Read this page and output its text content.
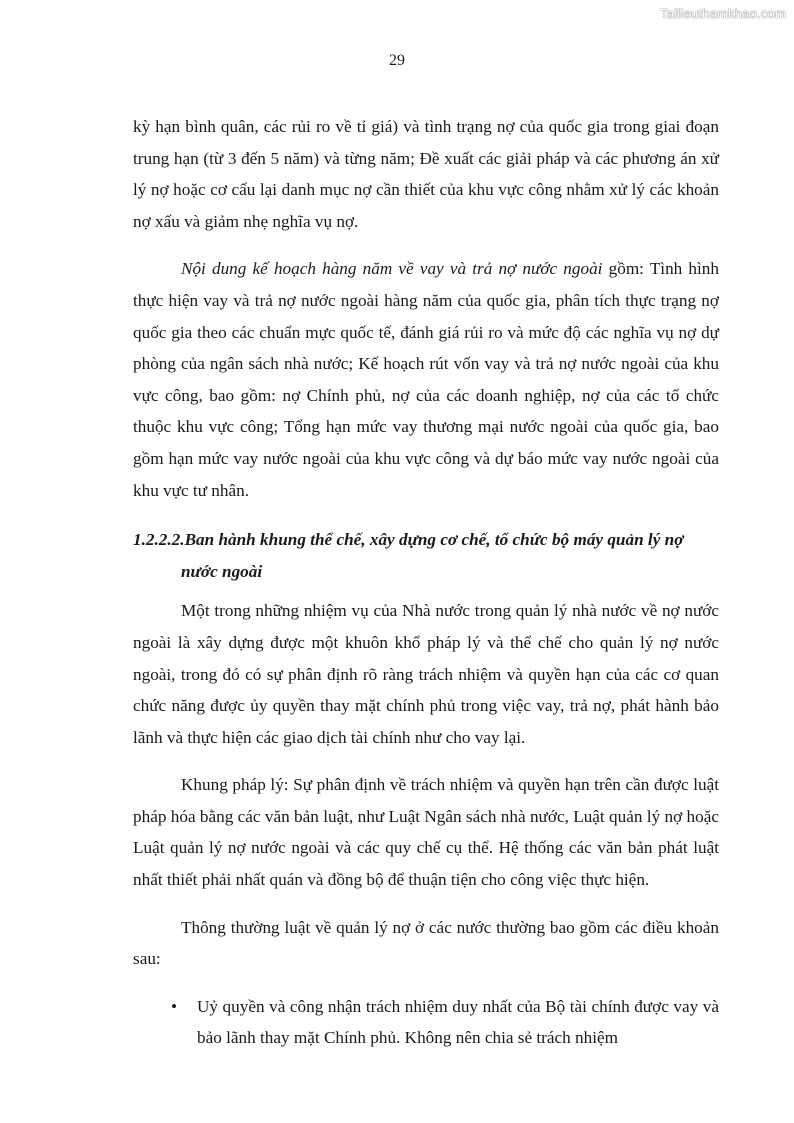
Tailieuthamkhao.com
29

kỳ hạn bình quân, các rủi ro về tỉ giá) và tình trạng nợ của quốc gia trong giai đoạn trung hạn (từ 3 đến 5 năm) và từng năm; Đề xuất các giải pháp và các phương án xử lý nợ hoặc cơ cấu lại danh mục nợ cần thiết của khu vực công nhằm xử lý các khoản nợ xấu và giảm nhẹ nghĩa vụ nợ.

Nội dung kế hoạch hàng năm về vay và trả nợ nước ngoài gồm: Tình hình thực hiện vay và trả nợ nước ngoài hàng năm của quốc gia, phân tích thực trạng nợ quốc gia theo các chuẩn mực quốc tế, đánh giá rủi ro và mức độ các nghĩa vụ nợ dự phòng của ngân sách nhà nước; Kế hoạch rút vốn vay và trả nợ nước ngoài của khu vực công, bao gồm: nợ Chính phủ, nợ của các doanh nghiệp, nợ của các tổ chức thuộc khu vực công; Tổng hạn mức vay thương mại nước ngoài của quốc gia, bao gồm hạn mức vay nước ngoài của khu vực công và dự báo mức vay nước ngoài của khu vực tư nhân.

1.2.2.2.Ban hành khung thể chế, xây dựng cơ chế, tổ chức bộ máy quản lý nợ nước ngoài

Một trong những nhiệm vụ của Nhà nước trong quản lý nhà nước về nợ nước ngoài là xây dựng được một khuôn khổ pháp lý và thể chế cho quản lý nợ nước ngoài, trong đó có sự phân định rõ ràng trách nhiệm và quyền hạn của các cơ quan chức năng được ủy quyền thay mặt chính phủ trong việc vay, trả nợ, phát hành bảo lãnh và thực hiện các giao dịch tài chính như cho vay lại.

Khung pháp lý: Sự phân định về trách nhiệm và quyền hạn trên cần được luật pháp hóa bằng các văn bản luật, như Luật Ngân sách nhà nước, Luật quản lý nợ hoặc Luật quản lý nợ nước ngoài và các quy chế cụ thể. Hệ thống các văn bản phát luật nhất thiết phải nhất quán và đồng bộ để thuận tiện cho công việc thực hiện.

Thông thường luật về quản lý nợ ở các nước thường bao gồm các điều khoản sau:

• Uỷ quyền và công nhận trách nhiệm duy nhất của Bộ tài chính được vay và bảo lãnh thay mặt Chính phủ. Không nên chia sẻ trách nhiệm
